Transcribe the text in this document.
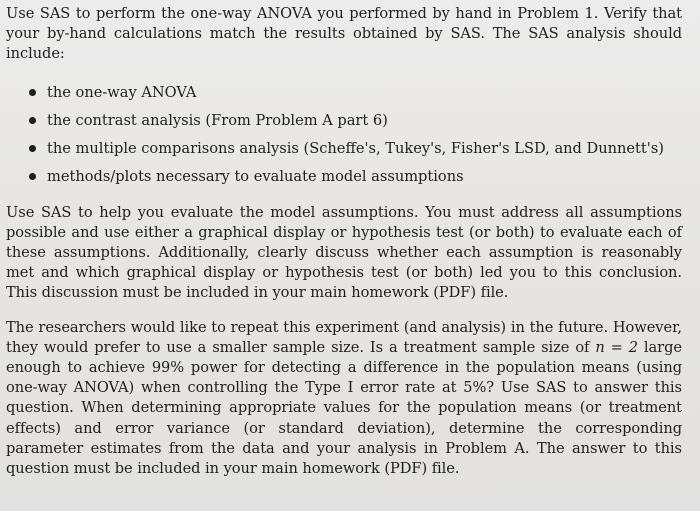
Use SAS to perform the one-way ANOVA you performed by hand in Problem 1. Verify that your by-hand calculations match the results obtained by SAS. The SAS analysis should include:

the one-way ANOVA
the contrast analysis (From Problem A part 6)
the multiple comparisons analysis (Scheffe's, Tukey's, Fisher's LSD, and Dunnett's)
methods/plots necessary to evaluate model assumptions

Use SAS to help you evaluate the model assumptions. You must address all assumptions possible and use either a graphical display or hypothesis test (or both) to evaluate each of these assumptions. Additionally, clearly discuss whether each assumption is reasonably met and which graphical display or hypothesis test (or both) led you to this conclusion. This discussion must be included in your main homework (PDF) file.

The researchers would like to repeat this experiment (and analysis) in the future. However, they would prefer to use a smaller sample size. Is a treatment sample size of n = 2 large enough to achieve 99% power for detecting a difference in the population means (using one-way ANOVA) when controlling the Type I error rate at 5%? Use SAS to answer this question. When determining appropriate values for the population means (or treatment effects) and error variance (or standard deviation), determine the corresponding parameter estimates from the data and your analysis in Problem A. The answer to this question must be included in your main homework (PDF) file.
